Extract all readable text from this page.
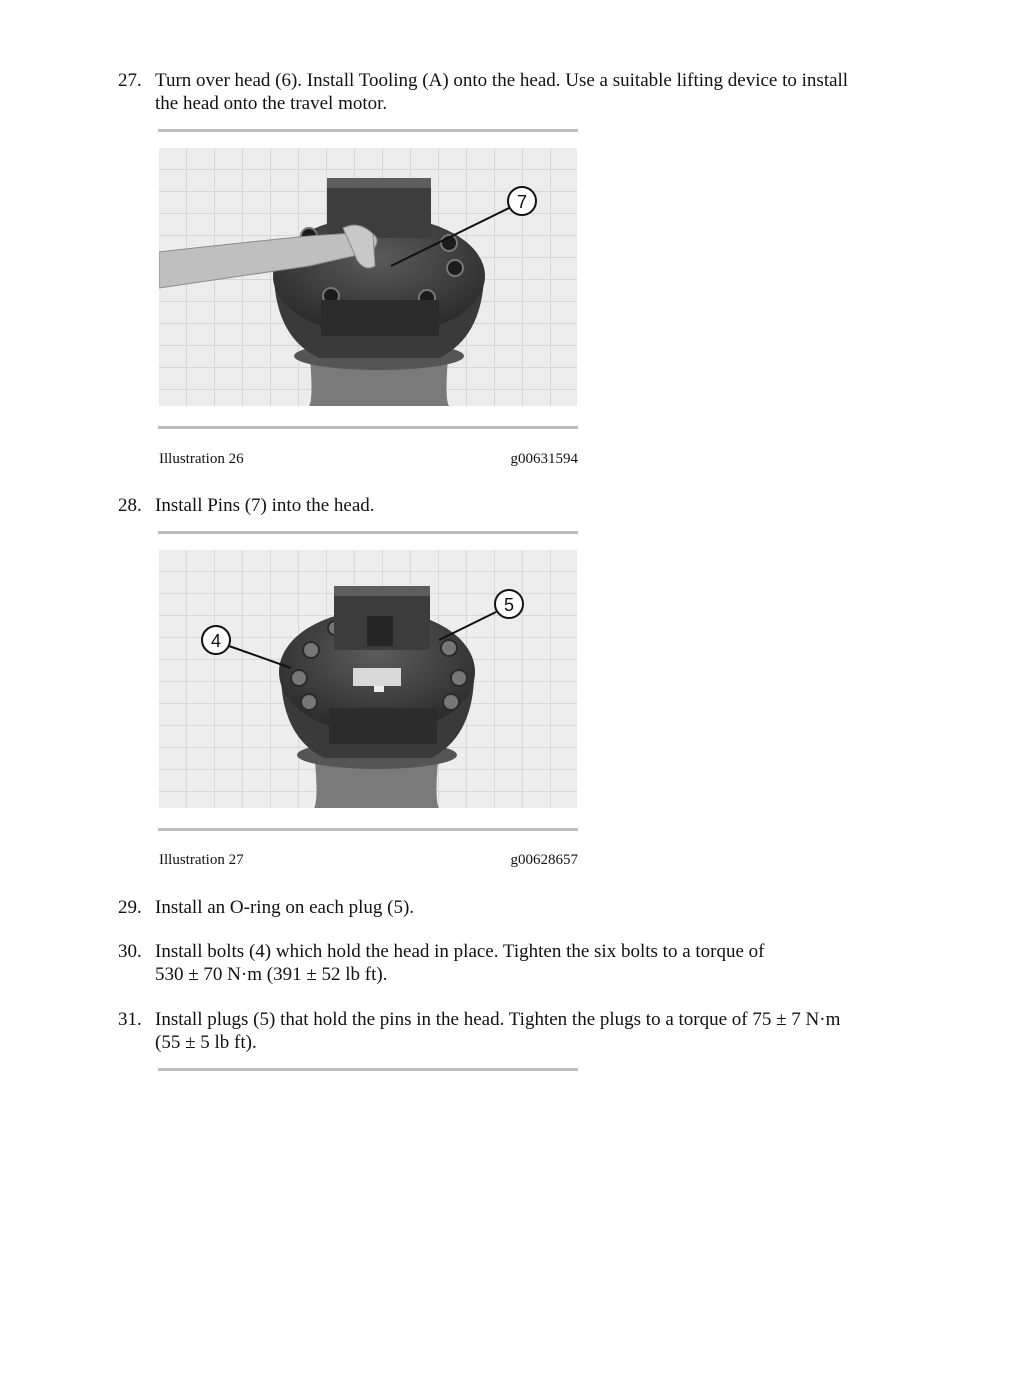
27. Turn over head (6). Install Tooling (A) onto the head. Use a suitable lifting device to install
the head onto the travel motor.
7
Illustration 26	g00631594
28. Install Pins (7) into the head.
4
5
Illustration 27	g00628657
29. Install an O-ring on each plug (5).
30. Install bolts (4) which hold the head in place. Tighten the six bolts to a torque of
530 ± 70 N·m (391 ± 52 lb ft).
31. Install plugs (5) that hold the pins in the head. Tighten the plugs to a torque of 75 ± 7 N·m
(55 ± 5 lb ft).
